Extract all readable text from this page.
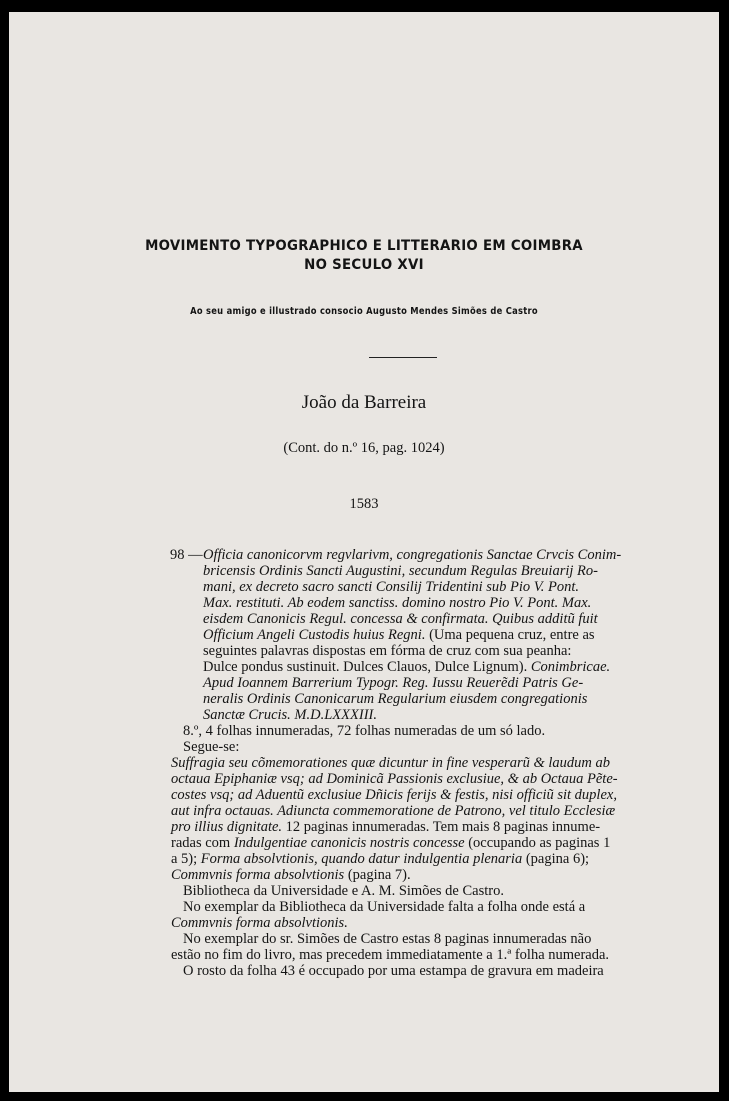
MOVIMENTO TYPOGRAPHICO E LITTERARIO EM COIMBRA
NO SECULO XVI
Ao seu amigo e illustrado consocio Augusto Mendes Simões de Castro
João da Barreira
(Cont. do n.º 16, pag. 1024)
1583
98 — Officia canonicorvm regvlarivm, congregationis Sanctae Crvcis Conim-
bricensis Ordinis Sancti Augustini, secundum Regulas Breuiarij Ro-
mani, ex decreto sacro sancti Consilij Tridentini sub Pio V. Pont.
Max. restituti. Ab eodem sanctiss. domino nostro Pio V. Pont. Max.
eisdem Canonicis Regul. concessa & confirmata. Quibus additũ fuit
Officium Angeli Custodis huius Regni. (Uma pequena cruz, entre as
seguintes palavras dispostas em fórma de cruz com sua peanha:
Dulce pondus sustinuit. Dulces Clauos, Dulce Lignum). Conimbricae.
Apud Ioannem Barrerium Typogr. Reg. Iussu Reuerẽdi Patris Ge-
neralis Ordinis Canonicarum Regularium eiusdem congregationis
Sanctæ Crucis. M.D.LXXXIII.
8.º, 4 folhas innumeradas, 72 folhas numeradas de um só lado.
Segue-se:
Suffragia seu cõmemorationes quæ dicuntur in fine vesperarũ & laudum ab
octaua Epiphaniæ vsq; ad Dominicã Passionis exclusiue, & ab Octaua Pẽte-
costes vsq; ad Aduentũ exclusiue Dñicis ferijs & festis, nisi officiũ sit duplex,
aut infra octauas. Adiuncta commemoratione de Patrono, vel titulo Ecclesiæ
pro illius dignitate. 12 paginas innumeradas. Tem mais 8 paginas innume-
radas com Indulgentiae canonicis nostris concesse (occupando as paginas 1
a 5); Forma absolvtionis, quando datur indulgentia plenaria (pagina 6);
Commvnis forma absolvtionis (pagina 7).
Bibliotheca da Universidade e A. M. Simões de Castro.
No exemplar da Bibliotheca da Universidade falta a folha onde está a
Commvnis forma absolvtionis.
No exemplar do sr. Simões de Castro estas 8 paginas innumeradas não
estão no fim do livro, mas precedem immediatamente a 1.ª folha numerada.
O rosto da folha 43 é occupado por uma estampa de gravura em madeira
